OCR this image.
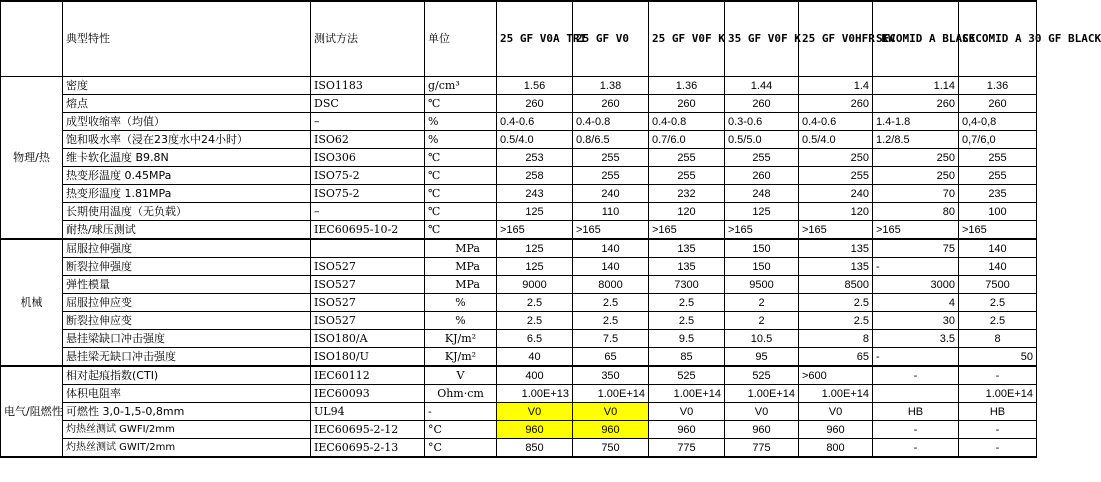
	典型特性	测试方法	单位	25 GF V0A TR1	25 GF V0	25 GF V0F K	35 GF V0F K	25 GF V0HFR KW	SECOMID A BLACK	SECOMID A 30 GF BLACK
物理/热	密度	ISO1183	g/cm³	1.56	1.38	1.36	1.44	1.4	1.14	1.36
	熔点	DSC	℃	260	260	260	260	260	260	260
	成型收缩率（均值）	–	%	0.4-0.6	0.4-0.8	0.4-0.8	0.3-0.6	0.4-0.6	1.4-1.8	0,4-0,8
	饱和吸水率（浸在23度水中24小时）	ISO62	%	0.5/4.0	0.8/6.5	0.7/6.0	0.5/5.0	0.5/4.0	1.2/8.5	0,7/6,0
	维卡软化温度 B9.8N	ISO306	℃	253	255	255	255	250	250	255
	热变形温度 0.45MPa	ISO75-2	℃	258	255	255	260	255	250	255
	热变形温度 1.81MPa	ISO75-2	℃	243	240	232	248	240	70	235
	长期使用温度（无负载）	–	℃	125	110	120	125	120	80	100
	耐热/球压测试	IEC60695-10-2	℃	>165	>165	>165	>165	>165	>165	>165
机械	屈服拉伸强度		MPa	125	140	135	150	135	75	140
	断裂拉伸强度	ISO527	MPa	125	140	135	150	135	-	140
	弹性模量	ISO527	MPa	9000	8000	7300	9500	8500	3000	7500
	屈服拉伸应变	ISO527	%	2.5	2.5	2.5	2	2.5	4	2.5
	断裂拉伸应变	ISO527	%	2.5	2.5	2.5	2	2.5	30	2.5
	悬挂梁缺口冲击强度	ISO180/A	KJ/m²	6.5	7.5	9.5	10.5	8	3.5	8
	悬挂梁无缺口冲击强度	ISO180/U	KJ/m²	40	65	85	95	65	-	50
电气/阻燃性	相对起痕指数(CTI)	IEC60112	V	400	350	525	525	>600	-	-
	体积电阻率	IEC60093	Ohm·cm	1.00E+13	1.00E+14	1.00E+14	1.00E+14	1.00E+14		1.00E+14
	可燃性 3,0-1,5-0,8mm	UL94	-	V0	V0	V0	V0	V0	HB	HB
	灼热丝测试 GWFI/2mm	IEC60695-2-12	°C	960	960	960	960	960	-	-
	灼热丝测试 GWIT/2mm	IEC60695-2-13	°C	850	750	775	775	800	-	-
